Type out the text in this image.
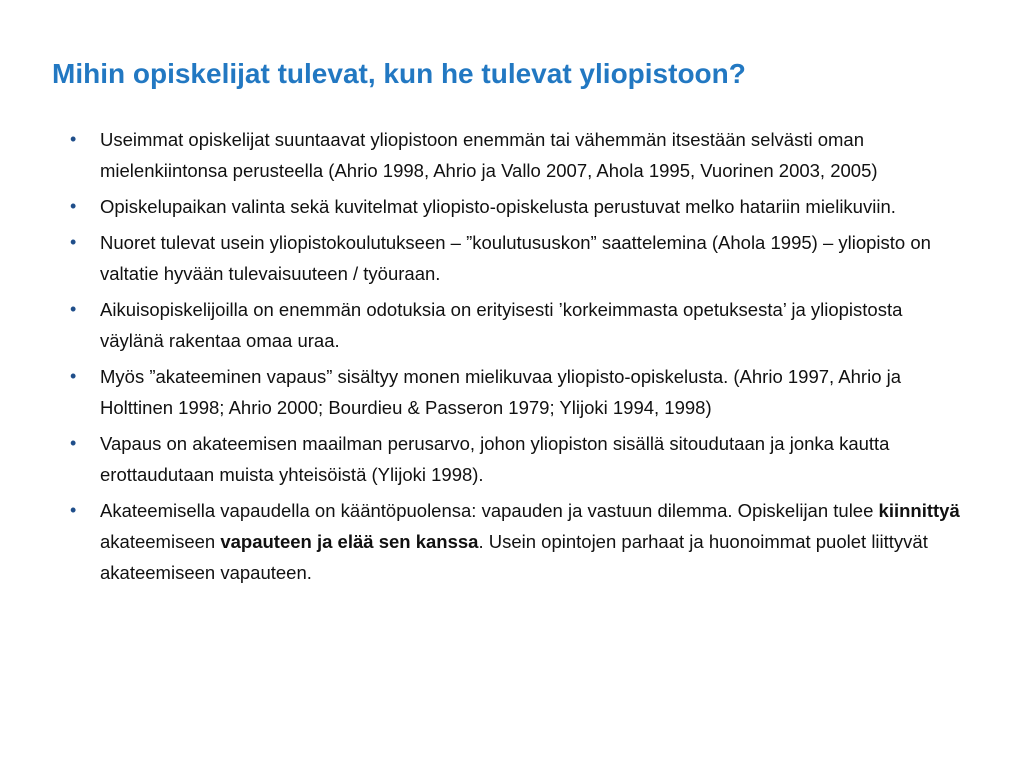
Mihin opiskelijat tulevat, kun he tulevat yliopistoon?
• Useimmat opiskelijat suuntaavat yliopistoon enemmän tai vähemmän itsestään selvästi oman mielenkiintonsa perusteella (Ahrio 1998, Ahrio ja Vallo 2007, Ahola 1995, Vuorinen 2003, 2005)
• Opiskelupaikan valinta sekä kuvitelmat yliopisto-opiskelusta perustuvat melko hatariin mielikuviin.
• Nuoret tulevat usein yliopistokoulutukseen – ”koulutususkon” saattelemina (Ahola 1995) – yliopisto on valtatie hyvään tulevaisuuteen / työuraan.
• Aikuisopiskelijoilla on enemmän odotuksia on erityisesti ’korkeimmasta opetuksesta’ ja yliopistosta väylänä rakentaa omaa uraa.
• Myös ”akateeminen vapaus” sisältyy monen mielikuvaa yliopisto-opiskelusta. (Ahrio 1997, Ahrio ja Holttinen 1998; Ahrio 2000; Bourdieu & Passeron 1979; Ylijoki 1994, 1998)
• Vapaus on akateemisen maailman perusarvo, johon yliopiston sisällä sitoudutaan ja jonka kautta erottaudutaan muista yhteisöistä (Ylijoki 1998).
• Akateemisella vapaudella on kääntöpuolensa: vapauden ja vastuun dilemma. Opiskelijan tulee kiinnittyä akateemiseen vapauteen ja elää sen kanssa. Usein opintojen parhaat ja huonoimmat puolet liittyvät akateemiseen vapauteen.
